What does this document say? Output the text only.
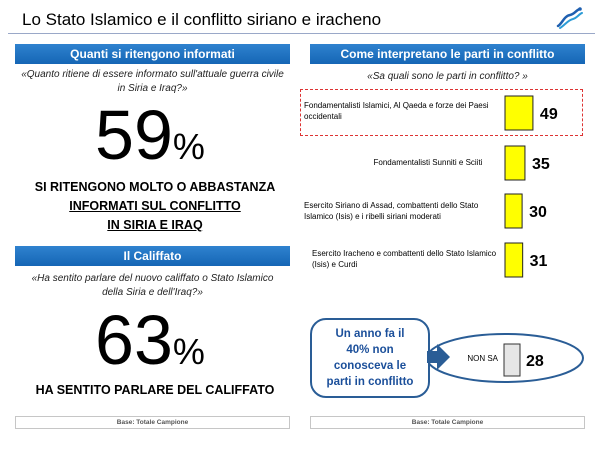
Lo Stato Islamico e il conflitto siriano e iracheno
Quanti si ritengono informati
«Quanto ritiene di essere informato sull'attuale guerra civile in Siria e Iraq?»
59%
SI RITENGONO MOLTO O ABBASTANZA
INFORMATI SUL CONFLITTO
IN SIRIA E IRAQ
Il Califfato
«Ha sentito parlare del nuovo califfato o Stato Islamico della Siria e dell'Iraq?»
63%
HA SENTITO PARLARE DEL CALIFFATO
Base: Totale Campione
Come interpretano le parti in conflitto
«Sa quali sono le parti in conflitto? »
Fondamentalisti Islamici, Al Qaeda e forze dei Paesi occidentali
Fondamentalisti Sunniti e Sciiti
Esercito Siriano di Assad, combattenti dello Stato Islamico (Isis) e i ribelli siriani moderati
Esercito Iracheno e combattenti dello Stato Islamico (Isis) e Curdi
49
35
30
31
NON SA 28
Un anno fa il
40% non
conosceva le
parti in conflitto
Base: Totale Campione
